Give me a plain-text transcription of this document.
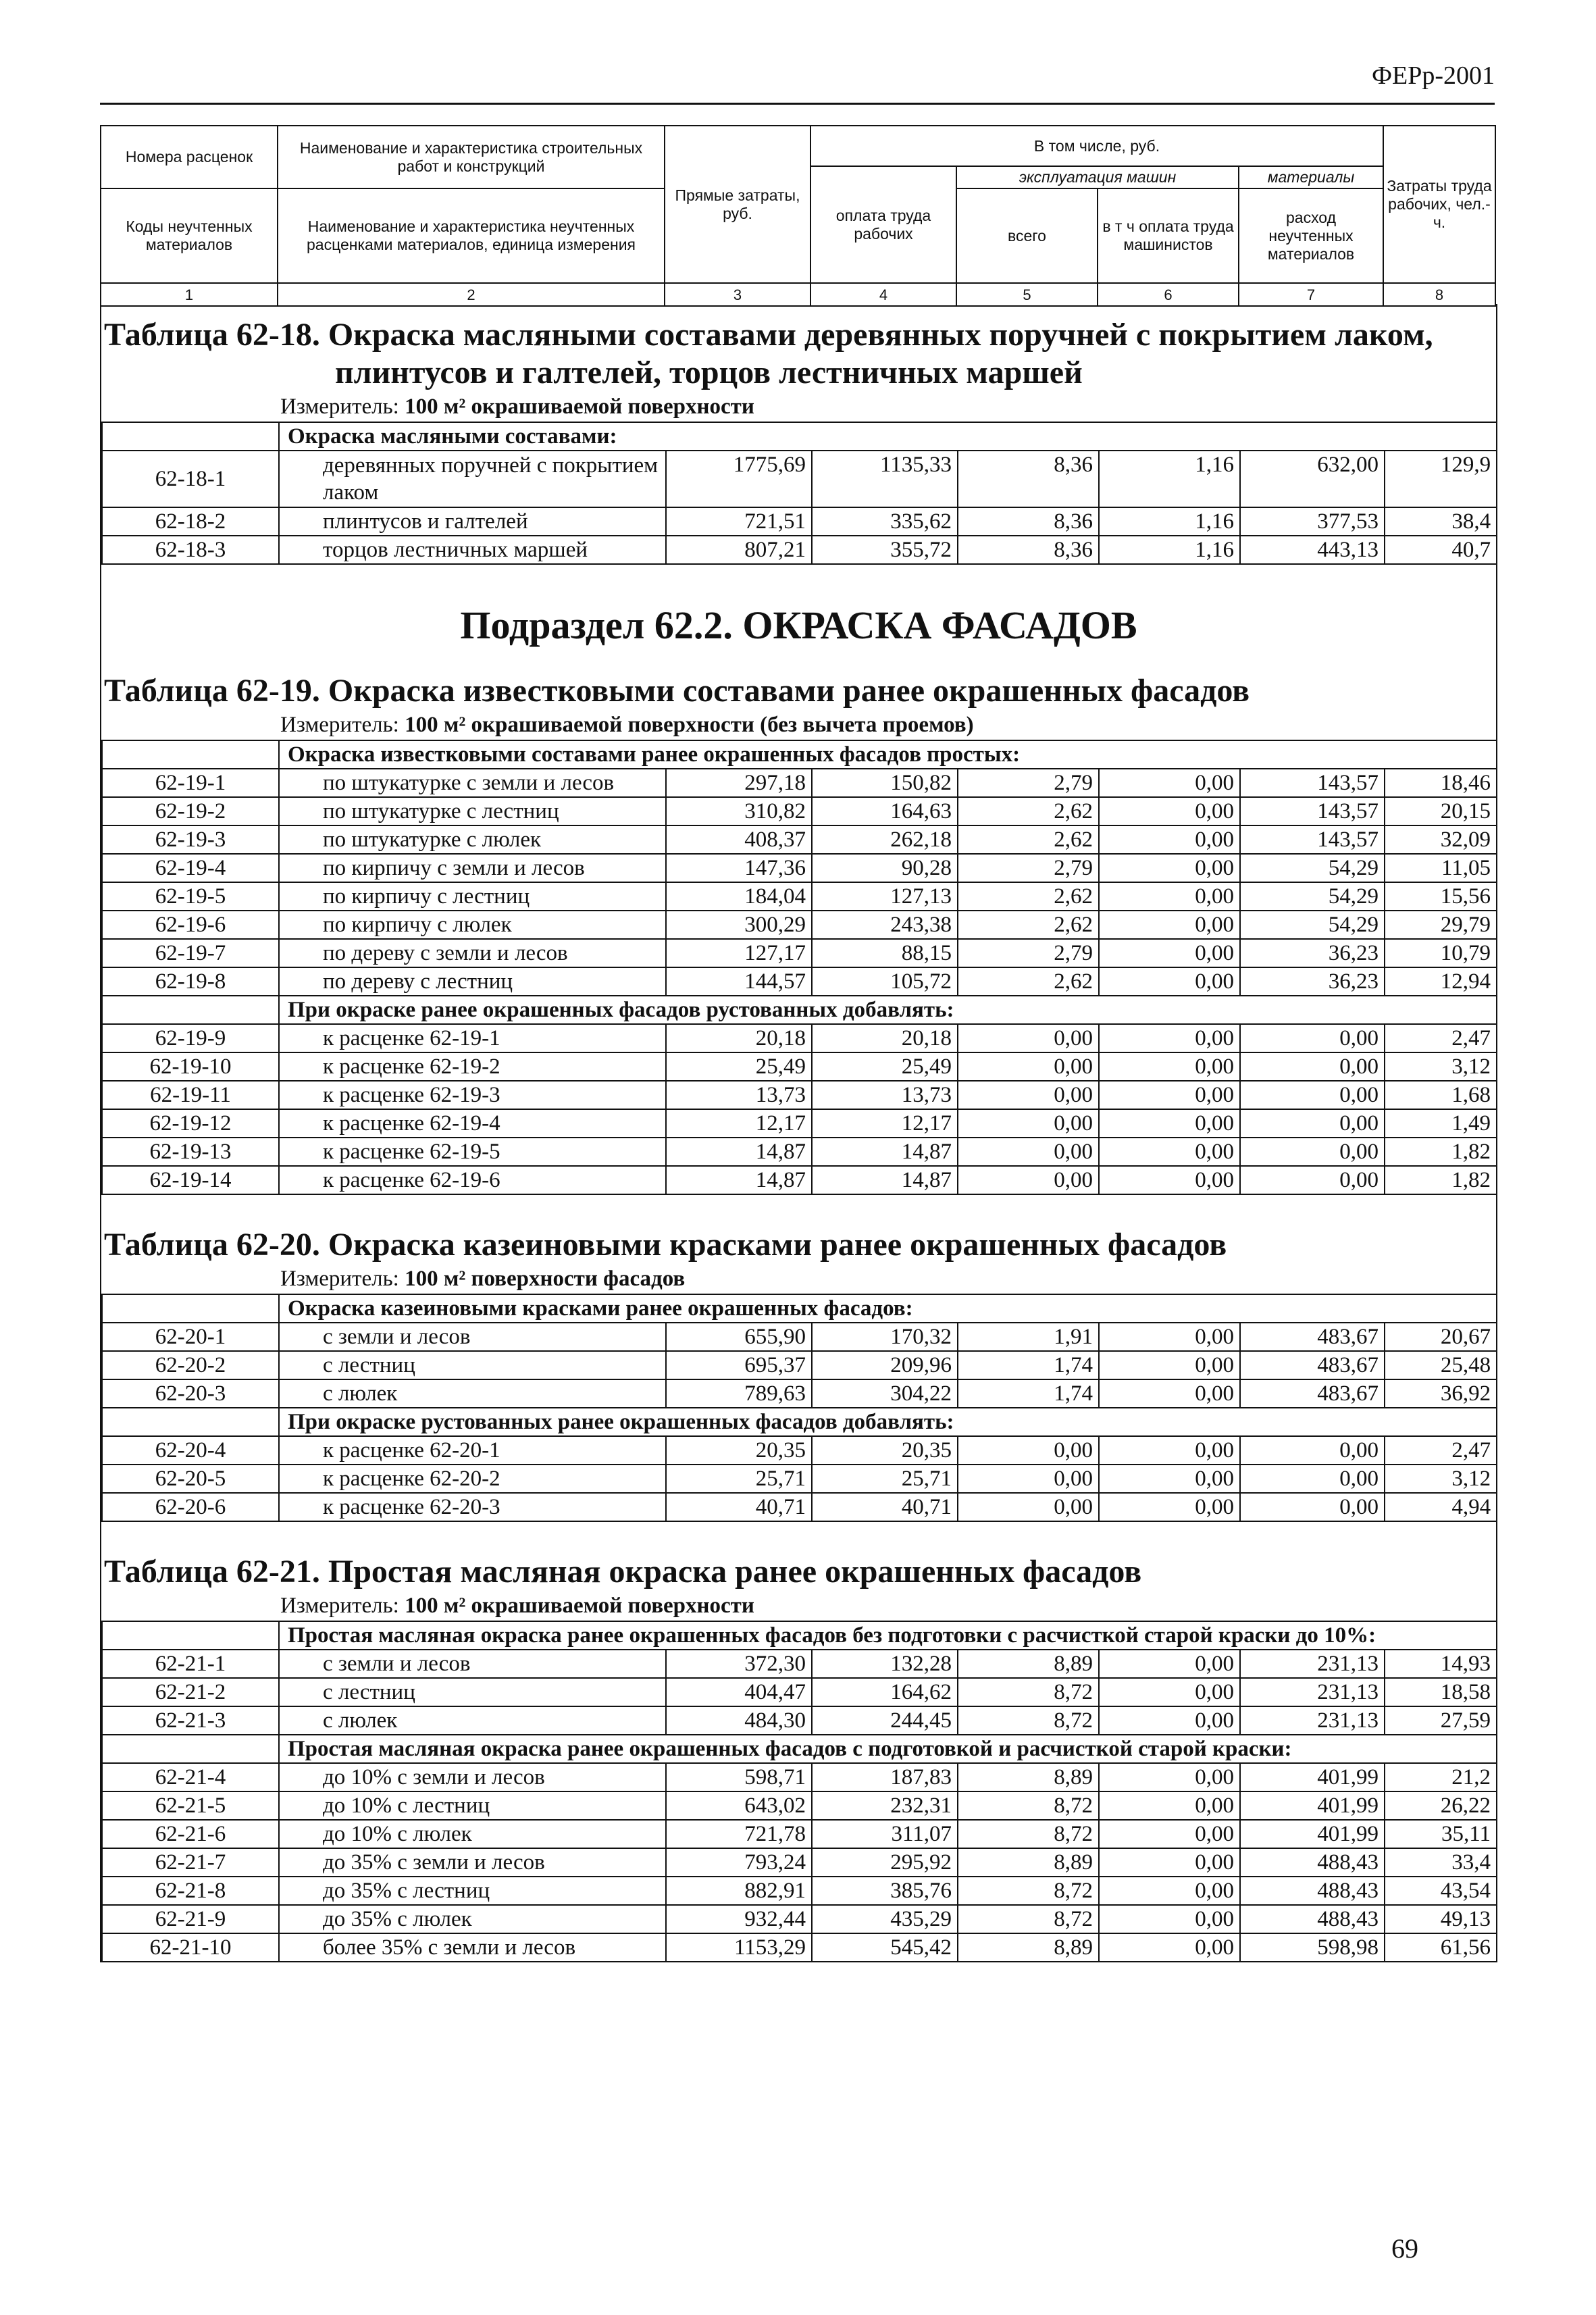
ФЕРр-2001
Номера расценок	Наименование и характеристика строительных работ и конструкций	Прямые затраты, руб.	В том числе, руб.				Затраты труда рабочих, чел.-ч.
			оплата труда рабочих	эксплуатация машин		материалы	
Коды неучтенных материалов	Наименование и характеристика неучтенных расценками материалов, единица измерения			всего	в т ч оплата труда машинистов	расход неучтенных материалов	
1	2	3	4	5	6	7	8
Таблица 62-18. Окраска масляными составами деревянных поручней с покрытием лаком,
плинтусов и галтелей, торцов лестничных маршей
Измеритель: 100 м² окрашиваемой поверхности
	Окраска масляными составами:						
62-18-1	деревянных поручней с покрытием лаком	1775,69	1135,33	8,36	1,16	632,00	129,9
62-18-2	плинтусов и галтелей	721,51	335,62	8,36	1,16	377,53	38,4
62-18-3	торцов лестничных маршей	807,21	355,72	8,36	1,16	443,13	40,7
Подраздел 62.2. ОКРАСКА ФАСАДОВ
Таблица 62-19. Окраска известковыми составами ранее окрашенных фасадов
Измеритель: 100 м² окрашиваемой поверхности (без вычета проемов)
	Окраска известковыми составами ранее окрашенных фасадов простых:						
62-19-1	по штукатурке с земли и лесов	297,18	150,82	2,79	0,00	143,57	18,46
62-19-2	по штукатурке с лестниц	310,82	164,63	2,62	0,00	143,57	20,15
62-19-3	по штукатурке с люлек	408,37	262,18	2,62	0,00	143,57	32,09
62-19-4	по кирпичу с земли и лесов	147,36	90,28	2,79	0,00	54,29	11,05
62-19-5	по кирпичу с лестниц	184,04	127,13	2,62	0,00	54,29	15,56
62-19-6	по кирпичу с люлек	300,29	243,38	2,62	0,00	54,29	29,79
62-19-7	по дереву с земли и лесов	127,17	88,15	2,79	0,00	36,23	10,79
62-19-8	по дереву с лестниц	144,57	105,72	2,62	0,00	36,23	12,94
	При окраске ранее окрашенных фасадов рустованных добавлять:						
62-19-9	к расценке 62-19-1	20,18	20,18	0,00	0,00	0,00	2,47
62-19-10	к расценке 62-19-2	25,49	25,49	0,00	0,00	0,00	3,12
62-19-11	к расценке 62-19-3	13,73	13,73	0,00	0,00	0,00	1,68
62-19-12	к расценке 62-19-4	12,17	12,17	0,00	0,00	0,00	1,49
62-19-13	к расценке 62-19-5	14,87	14,87	0,00	0,00	0,00	1,82
62-19-14	к расценке 62-19-6	14,87	14,87	0,00	0,00	0,00	1,82
Таблица 62-20. Окраска казеиновыми красками ранее окрашенных фасадов
Измеритель: 100 м² поверхности фасадов
	Окраска казеиновыми красками ранее окрашенных фасадов:						
62-20-1	с земли и лесов	655,90	170,32	1,91	0,00	483,67	20,67
62-20-2	с лестниц	695,37	209,96	1,74	0,00	483,67	25,48
62-20-3	с люлек	789,63	304,22	1,74	0,00	483,67	36,92
	При окраске рустованных ранее окрашенных фасадов добавлять:						
62-20-4	к расценке 62-20-1	20,35	20,35	0,00	0,00	0,00	2,47
62-20-5	к расценке 62-20-2	25,71	25,71	0,00	0,00	0,00	3,12
62-20-6	к расценке 62-20-3	40,71	40,71	0,00	0,00	0,00	4,94
Таблица 62-21. Простая масляная окраска ранее окрашенных фасадов
Измеритель: 100 м² окрашиваемой поверхности
	Простая масляная окраска ранее окрашенных фасадов без подготовки с расчисткой старой краски до 10%:						
62-21-1	с земли и лесов	372,30	132,28	8,89	0,00	231,13	14,93
62-21-2	с лестниц	404,47	164,62	8,72	0,00	231,13	18,58
62-21-3	с люлек	484,30	244,45	8,72	0,00	231,13	27,59
	Простая масляная окраска ранее окрашенных фасадов с подготовкой и расчисткой старой краски:						
62-21-4	до 10% с земли и лесов	598,71	187,83	8,89	0,00	401,99	21,2
62-21-5	до 10% с лестниц	643,02	232,31	8,72	0,00	401,99	26,22
62-21-6	до 10% с люлек	721,78	311,07	8,72	0,00	401,99	35,11
62-21-7	до 35% с земли и лесов	793,24	295,92	8,89	0,00	488,43	33,4
62-21-8	до 35% с лестниц	882,91	385,76	8,72	0,00	488,43	43,54
62-21-9	до 35% с люлек	932,44	435,29	8,72	0,00	488,43	49,13
62-21-10	более 35% с земли и лесов	1153,29	545,42	8,89	0,00	598,98	61,56
69
